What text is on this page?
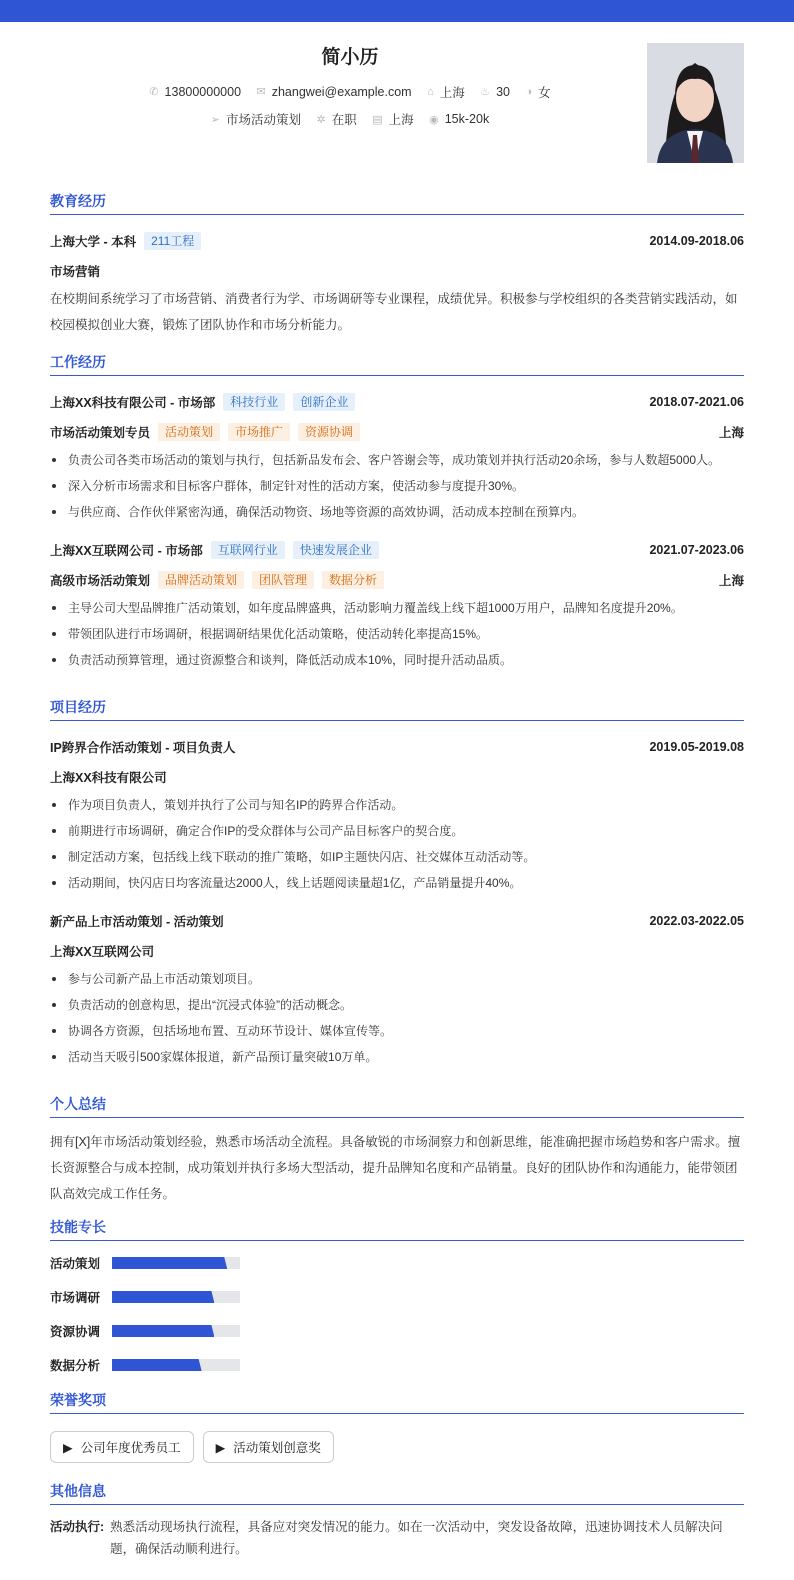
简小历
✆ 13800000000
✉ zhangwei@example.com
⌂ 上海
♨ 30
◑ 女
➢ 市场活动策划
✲ 在职
▤ 上海
◉ 15k-20k
教育经历
上海大学 - 本科	211工程	2014.09-2018.06
市场营销
在校期间系统学习了市场营销、消费者行为学、市场调研等专业课程，成绩优异。积极参与学校组织的各类营销实践活动，如校园模拟创业大赛，锻炼了团队协作和市场分析能力。
工作经历
上海XX科技有限公司 - 市场部	科技行业	创新企业	2018.07-2021.06
市场活动策划专员	活动策划	市场推广	资源协调	上海
负责公司各类市场活动的策划与执行，包括新品发布会、客户答谢会等，成功策划并执行活动20余场，参与人数超5000人。
深入分析市场需求和目标客户群体，制定针对性的活动方案，使活动参与度提升30%。
与供应商、合作伙伴紧密沟通，确保活动物资、场地等资源的高效协调，活动成本控制在预算内。
上海XX互联网公司 - 市场部	互联网行业	快速发展企业	2021.07-2023.06
高级市场活动策划	品牌活动策划	团队管理	数据分析	上海
主导公司大型品牌推广活动策划，如年度品牌盛典，活动影响力覆盖线上线下超1000万用户，品牌知名度提升20%。
带领团队进行市场调研，根据调研结果优化活动策略，使活动转化率提高15%。
负责活动预算管理，通过资源整合和谈判，降低活动成本10%，同时提升活动品质。
项目经历
IP跨界合作活动策划 - 项目负责人	2019.05-2019.08
上海XX科技有限公司
作为项目负责人，策划并执行了公司与知名IP的跨界合作活动。
前期进行市场调研，确定合作IP的受众群体与公司产品目标客户的契合度。
制定活动方案，包括线上线下联动的推广策略，如IP主题快闪店、社交媒体互动活动等。
活动期间，快闪店日均客流量达2000人，线上话题阅读量超1亿，产品销量提升40%。
新产品上市活动策划 - 活动策划	2022.03-2022.05
上海XX互联网公司
参与公司新产品上市活动策划项目。
负责活动的创意构思，提出“沉浸式体验”的活动概念。
协调各方资源，包括场地布置、互动环节设计、媒体宣传等。
活动当天吸引500家媒体报道，新产品预订量突破10万单。
个人总结
拥有[X]年市场活动策划经验，熟悉市场活动全流程。具备敏锐的市场洞察力和创新思维，能准确把握市场趋势和客户需求。擅长资源整合与成本控制，成功策划并执行多场大型活动，提升品牌知名度和产品销量。良好的团队协作和沟通能力，能带领团队高效完成工作任务。
技能专长
活动策划
市场调研
资源协调
数据分析
荣誉奖项
▶ 公司年度优秀员工	▶ 活动策划创意奖
其他信息
活动执行: 熟悉活动现场执行流程，具备应对突发情况的能力。如在一次活动中，突发设备故障，迅速协调技术人员解决问题，确保活动顺利进行。
